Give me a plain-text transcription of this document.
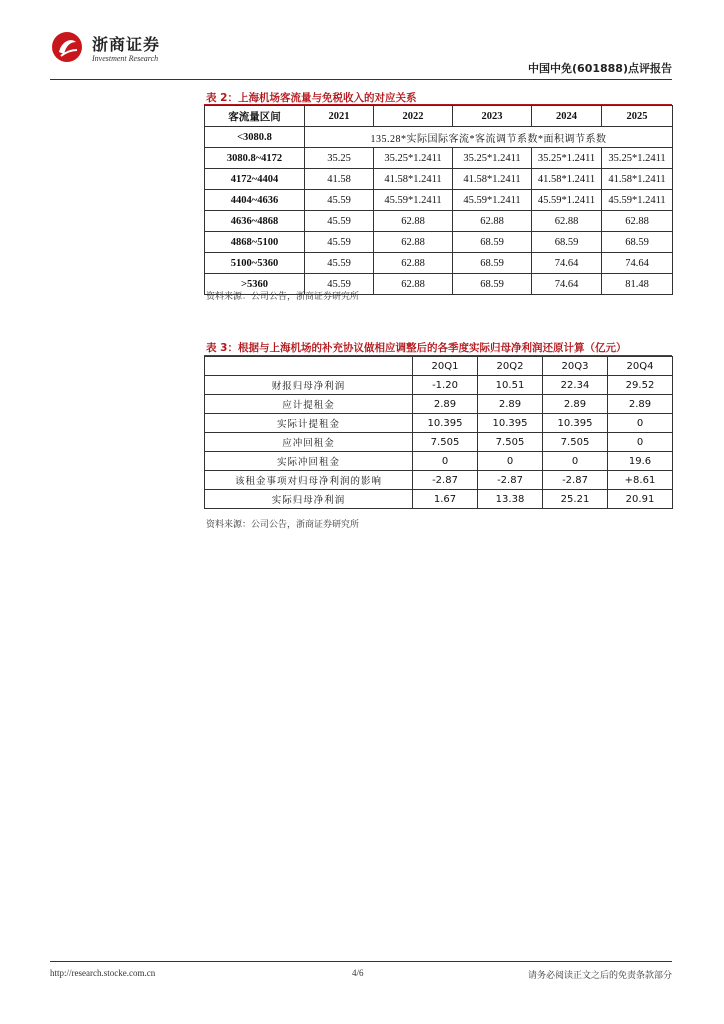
浙商证券
Investment Research
中国中免(601888)点评报告
表 2：上海机场客流量与免税收入的对应关系
客流量区间	2021	2022	2023	2024	2025
<3080.8	135.28*实际国际客流*客流调节系数*面积调节系数				
3080.8~4172	35.25	35.25*1.2411	35.25*1.2411	35.25*1.2411	35.25*1.2411
4172~4404	41.58	41.58*1.2411	41.58*1.2411	41.58*1.2411	41.58*1.2411
4404~4636	45.59	45.59*1.2411	45.59*1.2411	45.59*1.2411	45.59*1.2411
4636~4868	45.59	62.88	62.88	62.88	62.88
4868~5100	45.59	62.88	68.59	68.59	68.59
5100~5360	45.59	62.88	68.59	74.64	74.64
>5360	45.59	62.88	68.59	74.64	81.48
资料来源：公司公告，浙商证券研究所
表 3：根据与上海机场的补充协议做相应调整后的各季度实际归母净利润还原计算（亿元）
	20Q1	20Q2	20Q3	20Q4
财报归母净利润	-1.20	10.51	22.34	29.52
应计提租金	2.89	2.89	2.89	2.89
实际计提租金	10.395	10.395	10.395	0
应冲回租金	7.505	7.505	7.505	0
实际冲回租金	0	0	0	19.6
该租金事项对归母净利润的影响	-2.87	-2.87	-2.87	+8.61
实际归母净利润	1.67	13.38	25.21	20.91
资料来源：公司公告，浙商证券研究所
http://research.stocke.com.cn	4/6	请务必阅读正文之后的免责条款部分
